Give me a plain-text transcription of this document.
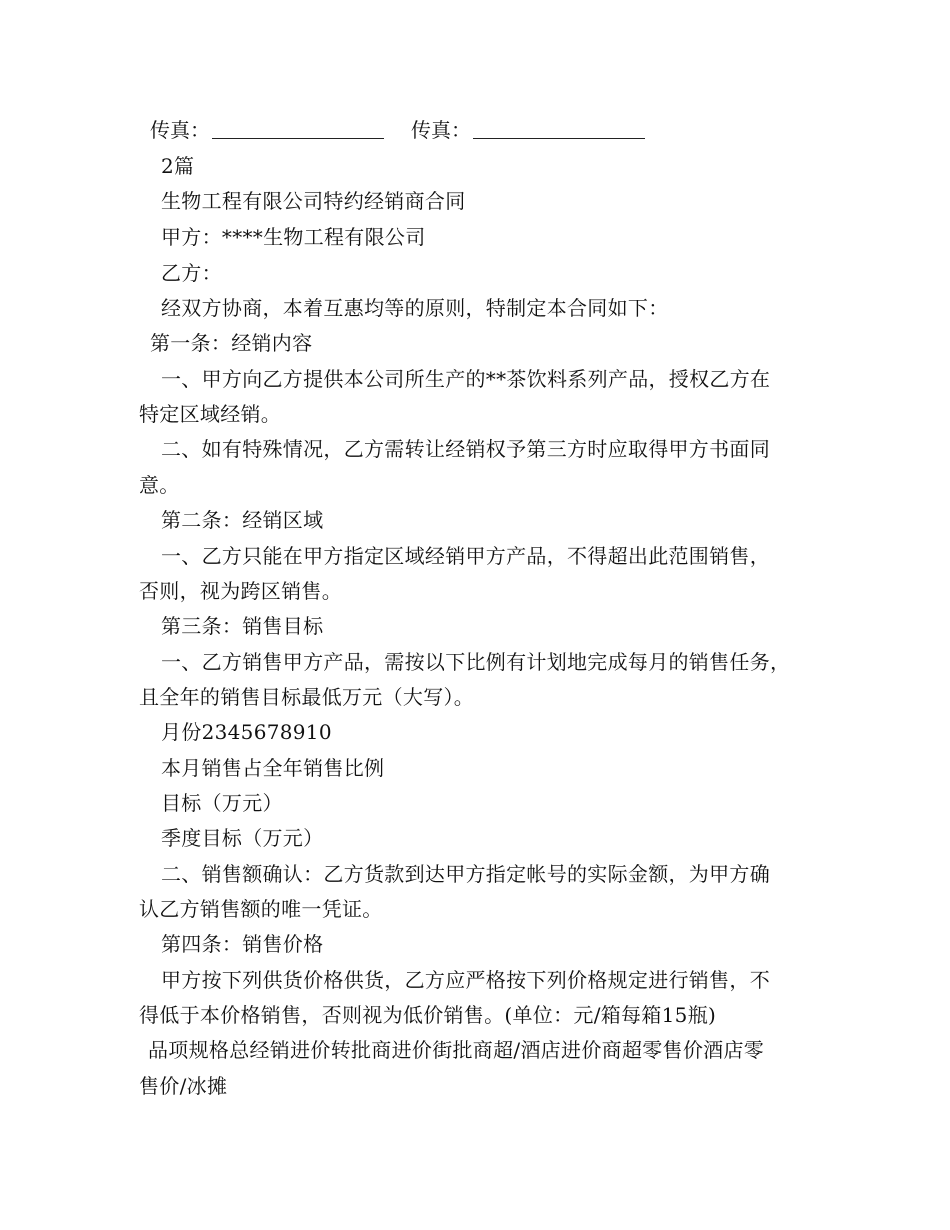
传真：	传真：
2篇
生物工程有限公司特约经销商合同
甲方：****生物工程有限公司
乙方：
经双方协商，本着互惠均等的原则，特制定本合同如下：
第一条：经销内容
一、甲方向乙方提供本公司所生产的**茶饮料系列产品，授权乙方在
特定区域经销。
二、如有特殊情况，乙方需转让经销权予第三方时应取得甲方书面同
意。
第二条：经销区域
一、乙方只能在甲方指定区域经销甲方产品，不得超出此范围销售，
否则，视为跨区销售。
第三条：销售目标
一、乙方销售甲方产品，需按以下比例有计划地完成每月的销售任务，
且全年的销售目标最低万元（大写）。
月份2345678910
本月销售占全年销售比例
目标（万元）
季度目标（万元）
二、销售额确认：乙方货款到达甲方指定帐号的实际金额，为甲方确
认乙方销售额的唯一凭证。
第四条：销售价格
甲方按下列供货价格供货，乙方应严格按下列价格规定进行销售，不
得低于本价格销售，否则视为低价销售。(单位：元/箱每箱15瓶)
品项规格总经销进价转批商进价街批商超/酒店进价商超零售价酒店零
售价/冰摊
